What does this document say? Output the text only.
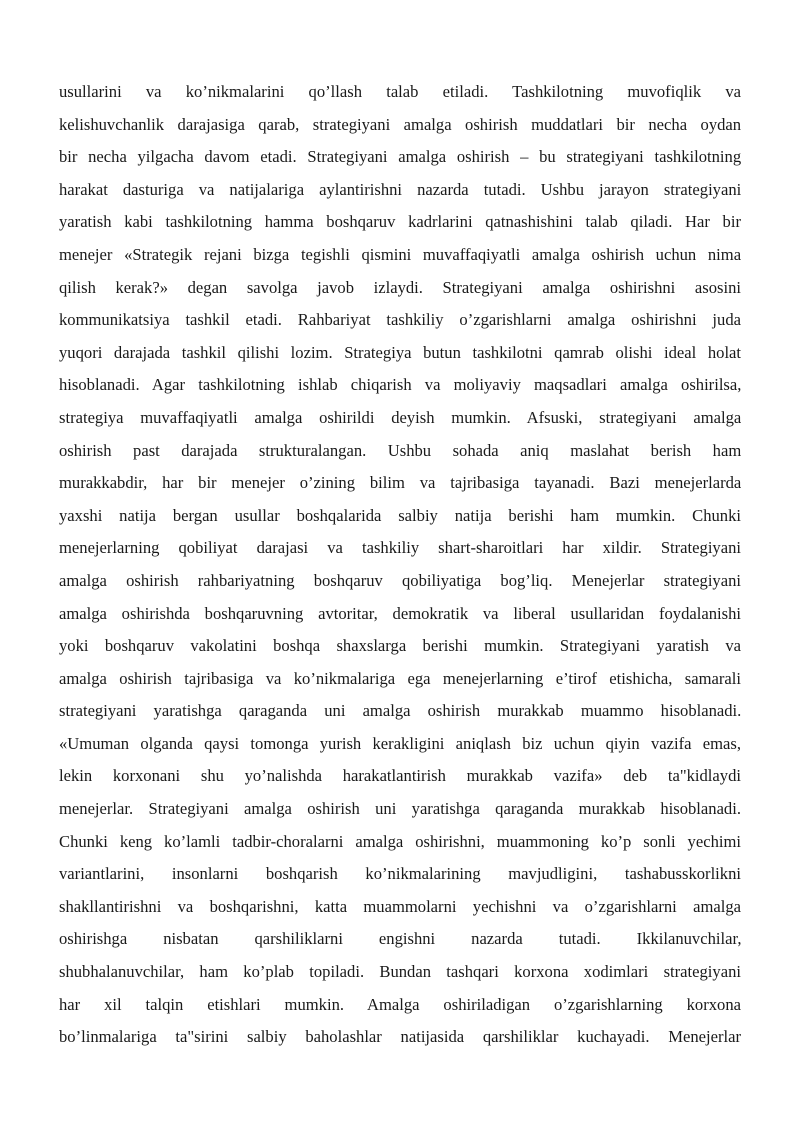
usullarini va ko’nikmalarini qo’llash talab etiladi. Tashkilotning muvofiqlik va
kelishuvchanlik darajasiga qarab, strategiyani amalga oshirish muddatlari bir necha oydan
bir necha yilgacha davom etadi. Strategiyani amalga oshirish – bu strategiyani tashkilotning
harakat dasturiga va natijalariga aylantirishni nazarda tutadi. Ushbu jarayon strategiyani
yaratish kabi tashkilotning hamma boshqaruv kadrlarini qatnashishini talab qiladi. Har bir
menejer «Strategik rejani bizga tegishli qismini muvaffaqiyatli amalga oshirish uchun nima
qilish kerak?» degan savolga javob izlaydi. Strategiyani amalga oshirishni asosini
kommunikatsiya tashkil etadi. Rahbariyat tashkiliy o’zgarishlarni amalga oshirishni juda
yuqori darajada tashkil qilishi lozim. Strategiya butun tashkilotni qamrab olishi ideal holat
hisoblanadi. Agar tashkilotning ishlab chiqarish va moliyaviy maqsadlari amalga oshirilsa,
strategiya muvaffaqiyatli amalga oshirildi deyish mumkin. Afsuski, strategiyani amalga
oshirish past darajada strukturalangan. Ushbu sohada aniq maslahat berish ham
murakkabdir, har bir menejer o’zining bilim va tajribasiga tayanadi. Bazi menejerlarda
yaxshi natija bergan usullar boshqalarida salbiy natija berishi ham mumkin. Chunki
menejerlarning qobiliyat darajasi va tashkiliy shart-sharoitlari har xildir. Strategiyani
amalga oshirish rahbariyatning boshqaruv qobiliyatiga bog’liq. Menejerlar strategiyani
amalga oshirishda boshqaruvning avtoritar, demokratik va liberal usullaridan foydalanishi
yoki boshqaruv vakolatini boshqa shaxslarga berishi mumkin. Strategiyani yaratish va
amalga oshirish tajribasiga va ko’nikmalariga ega menejerlarning e’tirof etishicha, samarali
strategiyani yaratishga qaraganda uni amalga oshirish murakkab muammo hisoblanadi.
«Umuman olganda qaysi tomonga yurish kerakligini aniqlash biz uchun qiyin vazifa emas,
lekin korxonani shu yo’nalishda harakatlantirish murakkab vazifa» deb ta"kidlaydi
menejerlar. Strategiyani amalga oshirish uni yaratishga qaraganda murakkab hisoblanadi.
Chunki keng ko’lamli tadbir-choralarni amalga oshirishni, muammoning ko’p sonli yechimi
variantlarini, insonlarni boshqarish ko’nikmalarining mavjudligini, tashabusskorlikni
shakllantirishni va boshqarishni, katta muammolarni yechishni va o’zgarishlarni amalga
oshirishga nisbatan qarshiliklarni engishni nazarda tutadi. Ikkilanuvchilar,
shubhalanuvchilar, ham ko’plab topiladi. Bundan tashqari korxona xodimlari strategiyani
har xil talqin etishlari mumkin. Amalga oshiriladigan o’zgarishlarning korxona
bo’linmalariga ta"sirini salbiy baholashlar natijasida qarshiliklar kuchayadi. Menejerlar
